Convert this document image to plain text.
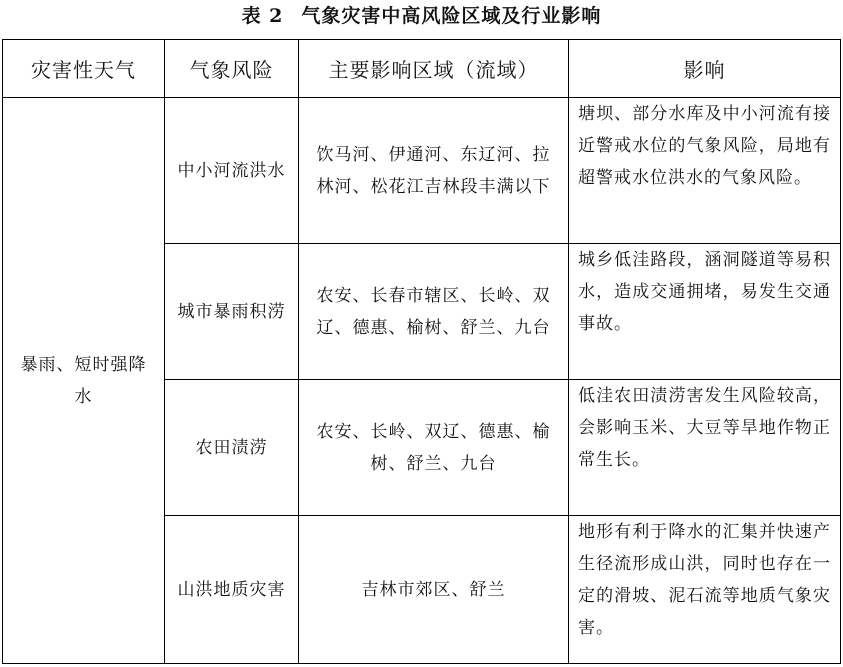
表 2 气象灾害中高风险区域及行业影响
灾害性天气	气象风险	主要影响区域（流域）	影响
暴雨、短时强降水	中小河流洪水	饮马河、伊通河、东辽河、拉林河、松花江吉林段丰满以下	塘坝、部分水库及中小河流有接近警戒水位的气象风险，局地有超警戒水位洪水的气象风险。
	城市暴雨积涝	农安、长春市辖区、长岭、双辽、德惠、榆树、舒兰、九台	城乡低洼路段，涵洞隧道等易积水，造成交通拥堵，易发生交通事故。
	农田渍涝	农安、长岭、双辽、德惠、榆树、舒兰、九台	低洼农田渍涝害发生风险较高，会影响玉米、大豆等旱地作物正常生长。
	山洪地质灾害	吉林市郊区、舒兰	地形有利于降水的汇集并快速产生径流形成山洪，同时也存在一定的滑坡、泥石流等地质气象灾害。
